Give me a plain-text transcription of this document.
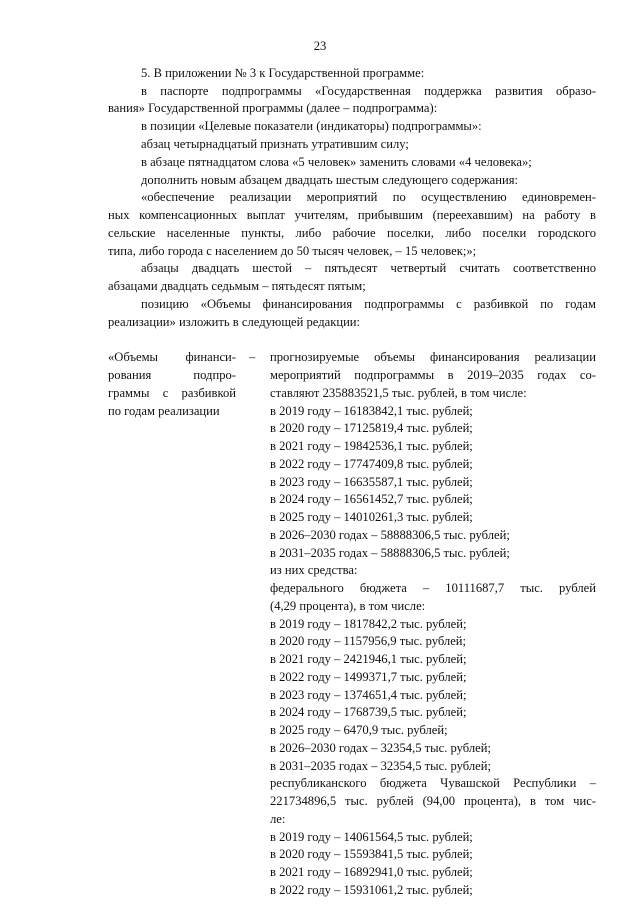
23
5. В приложении № 3 к Государственной программе:
в паспорте подпрограммы «Государственная поддержка развития образо-
вания» Государственной программы (далее – подпрограмма):
в позиции «Целевые показатели (индикаторы) подпрограммы»:
абзац четырнадцатый признать утратившим силу;
в абзаце пятнадцатом слова «5 человек» заменить словами «4 человека»;
дополнить новым абзацем двадцать шестым следующего содержания:
«обеспечение реализации мероприятий по осуществлению единовремен-
ных компенсационных выплат учителям, прибывшим (переехавшим) на работу в
сельские населенные пункты, либо рабочие поселки, либо поселки городского
типа, либо города с населением до 50 тысяч человек, – 15 человек;»;
абзацы двадцать шестой – пятьдесят четвертый считать соответственно
абзацами двадцать седьмым – пятьдесят пятым;
позицию «Объемы финансирования подпрограммы с разбивкой по годам
реализации» изложить в следующей редакции:
«Объемы финанси-
рования подпро-
граммы с разбивкой
по годам реализации
– прогнозируемые объемы финансирования реализации
мероприятий подпрограммы в 2019–2035 годах со-
ставляют 235883521,5 тыс. рублей, в том числе:
в 2019 году – 16183842,1 тыс. рублей;
в 2020 году – 17125819,4 тыс. рублей;
в 2021 году – 19842536,1 тыс. рублей;
в 2022 году – 17747409,8 тыс. рублей;
в 2023 году – 16635587,1 тыс. рублей;
в 2024 году – 16561452,7 тыс. рублей;
в 2025 году – 14010261,3 тыс. рублей;
в 2026–2030 годах – 58888306,5 тыс. рублей;
в 2031–2035 годах – 58888306,5 тыс. рублей;
из них средства:
федерального бюджета – 10111687,7 тыс. рублей
(4,29 процента), в том числе:
в 2019 году – 1817842,2 тыс. рублей;
в 2020 году – 1157956,9 тыс. рублей;
в 2021 году – 2421946,1 тыс. рублей;
в 2022 году – 1499371,7 тыс. рублей;
в 2023 году – 1374651,4 тыс. рублей;
в 2024 году – 1768739,5 тыс. рублей;
в 2025 году – 6470,9 тыс. рублей;
в 2026–2030 годах – 32354,5 тыс. рублей;
в 2031–2035 годах – 32354,5 тыс. рублей;
республиканского бюджета Чувашской Республики –
221734896,5 тыс. рублей (94,00 процента), в том чис-
ле:
в 2019 году – 14061564,5 тыс. рублей;
в 2020 году – 15593841,5 тыс. рублей;
в 2021 году – 16892941,0 тыс. рублей;
в 2022 году – 15931061,2 тыс. рублей;
